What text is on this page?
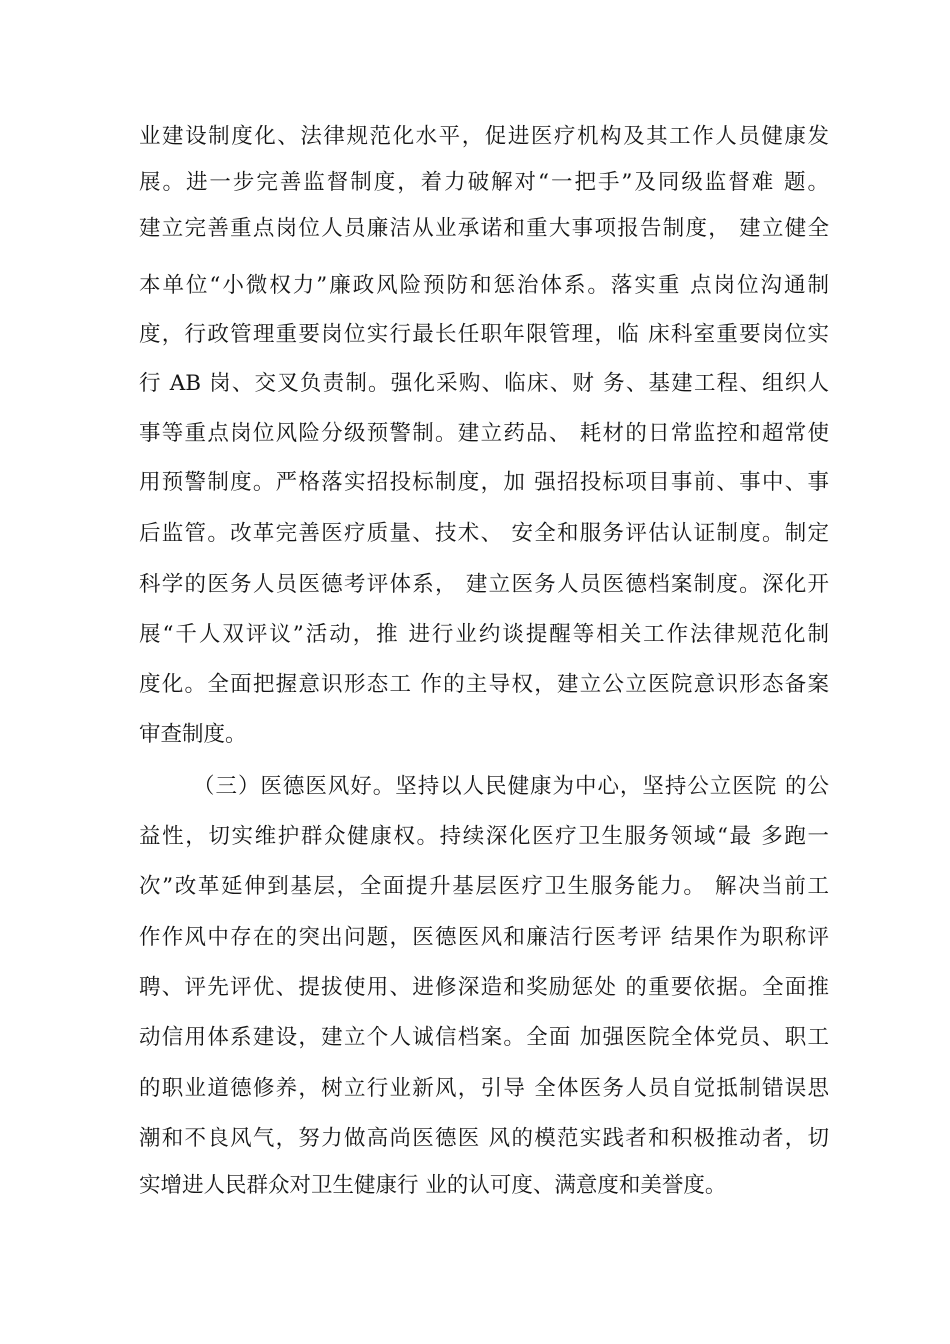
业建设制度化、法律规范化水平，促进医疗机构及其工作人员健康发
展。进一步完善监督制度，着力破解对“一把手”及同级监督难 题。
建立完善重点岗位人员廉洁从业承诺和重大事项报告制度， 建立健全
本单位“小微权力”廉政风险预防和惩治体系。落实重 点岗位沟通制
度，行政管理重要岗位实行最长任职年限管理，临 床科室重要岗位实
行 AB 岗、交叉负责制。强化采购、临床、财 务、基建工程、组织人
事等重点岗位风险分级预警制。建立药品、 耗材的日常监控和超常使
用预警制度。严格落实招投标制度，加 强招投标项目事前、事中、事
后监管。改革完善医疗质量、技术、 安全和服务评估认证制度。制定
科学的医务人员医德考评体系， 建立医务人员医德档案制度。深化开
展“千人双评议”活动，推 进行业约谈提醒等相关工作法律规范化制
度化。全面把握意识形态工 作的主导权，建立公立医院意识形态备案
审查制度。
（三）医德医风好。坚持以人民健康为中心，坚持公立医院 的公
益性，切实维护群众健康权。持续深化医疗卫生服务领域“最 多跑一
次”改革延伸到基层，全面提升基层医疗卫生服务能力。 解决当前工
作作风中存在的突出问题，医德医风和廉洁行医考评 结果作为职称评
聘、评先评优、提拔使用、进修深造和奖励惩处 的重要依据。全面推
动信用体系建设，建立个人诚信档案。全面 加强医院全体党员、职工
的职业道德修养，树立行业新风，引导 全体医务人员自觉抵制错误思
潮和不良风气，努力做高尚医德医 风的模范实践者和积极推动者，切
实增进人民群众对卫生健康行 业的认可度、满意度和美誉度。
